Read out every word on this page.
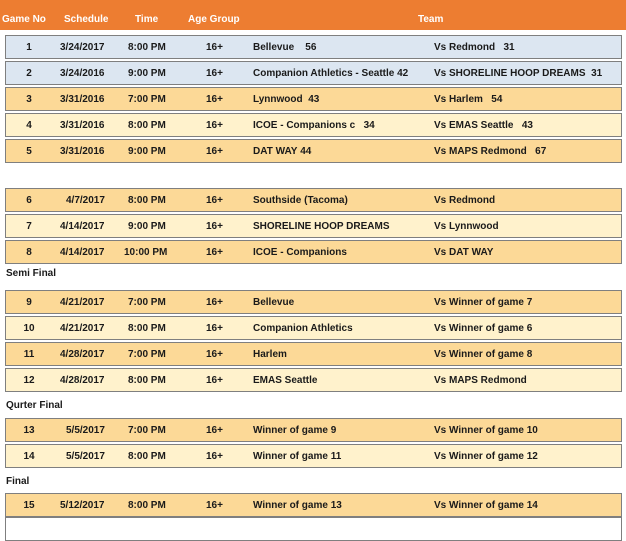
Game No Schedule	Time	Age Group	Team
1	3/24/2017 8:00 PM	16+	Bellevue 56	Vs Redmond 31
2	3/24/2016 9:00 PM	16+	Companion Athletics - Seattle 42	Vs SHORELINE HOOP DREAMS 31
3	3/31/2016 7:00 PM	16+	Lynnwood 43	Vs Harlem 54
4	3/31/2016 8:00 PM	16+	ICOE - Companions c 34	Vs EMAS Seattle 43
5	3/31/2016 9:00 PM	16+	DAT WAY 44	Vs MAPS Redmond 67
6	4/7/2017 8:00 PM	16+	Southside (Tacoma)	Vs Redmond
7	4/14/2017 9:00 PM	16+	SHORELINE HOOP DREAMS	Vs Lynnwood
8	4/14/2017 10:00 PM	16+	ICOE - Companions	Vs DAT WAY
Semi Final
9	4/21/2017 7:00 PM	16+	Bellevue	Vs Winner of game 7
10	4/21/2017 8:00 PM	16+	Companion Athletics	Vs Winner of game 6
11	4/28/2017 7:00 PM	16+	Harlem	Vs Winner of game 8
12	4/28/2017 8:00 PM	16+	EMAS Seattle	Vs MAPS Redmond
Qurter Final
13	5/5/2017 7:00 PM	16+	Winner of game 9	Vs Winner of game 10
14	5/5/2017 8:00 PM	16+	Winner of game 11	Vs Winner of game 12
Final
15	5/12/2017 8:00 PM	16+	Winner of game 13	Vs Winner of game 14
